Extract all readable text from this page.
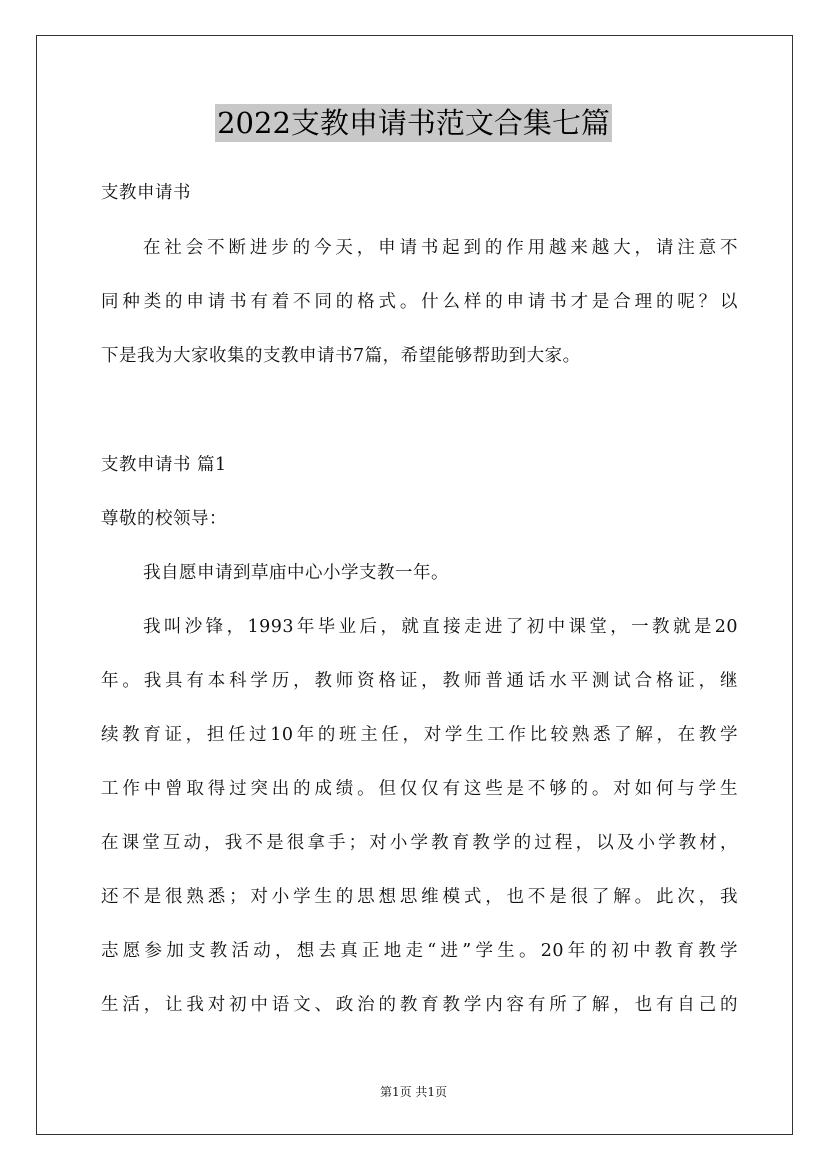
2022支教申请书范文合集七篇
支教申请书
在社会不断进步的今天，申请书起到的作用越来越大，请注意不
同种类的申请书有着不同的格式。什么样的申请书才是合理的呢？以
下是我为大家收集的支教申请书7篇，希望能够帮助到大家。
支教申请书 篇1
尊敬的校领导：
我自愿申请到草庙中心小学支教一年。
我叫沙锋，1993年毕业后，就直接走进了初中课堂，一教就是20
年。我具有本科学历，教师资格证，教师普通话水平测试合格证，继
续教育证，担任过10年的班主任，对学生工作比较熟悉了解，在教学
工作中曾取得过突出的成绩。但仅仅有这些是不够的。对如何与学生
在课堂互动，我不是很拿手；对小学教育教学的过程，以及小学教材，
还不是很熟悉；对小学生的思想思维模式，也不是很了解。此次，我
志愿参加支教活动，想去真正地走“进”学生。20年的初中教育教学
生活，让我对初中语文、政治的教育教学内容有所了解，也有自己的
第1页 共1页
